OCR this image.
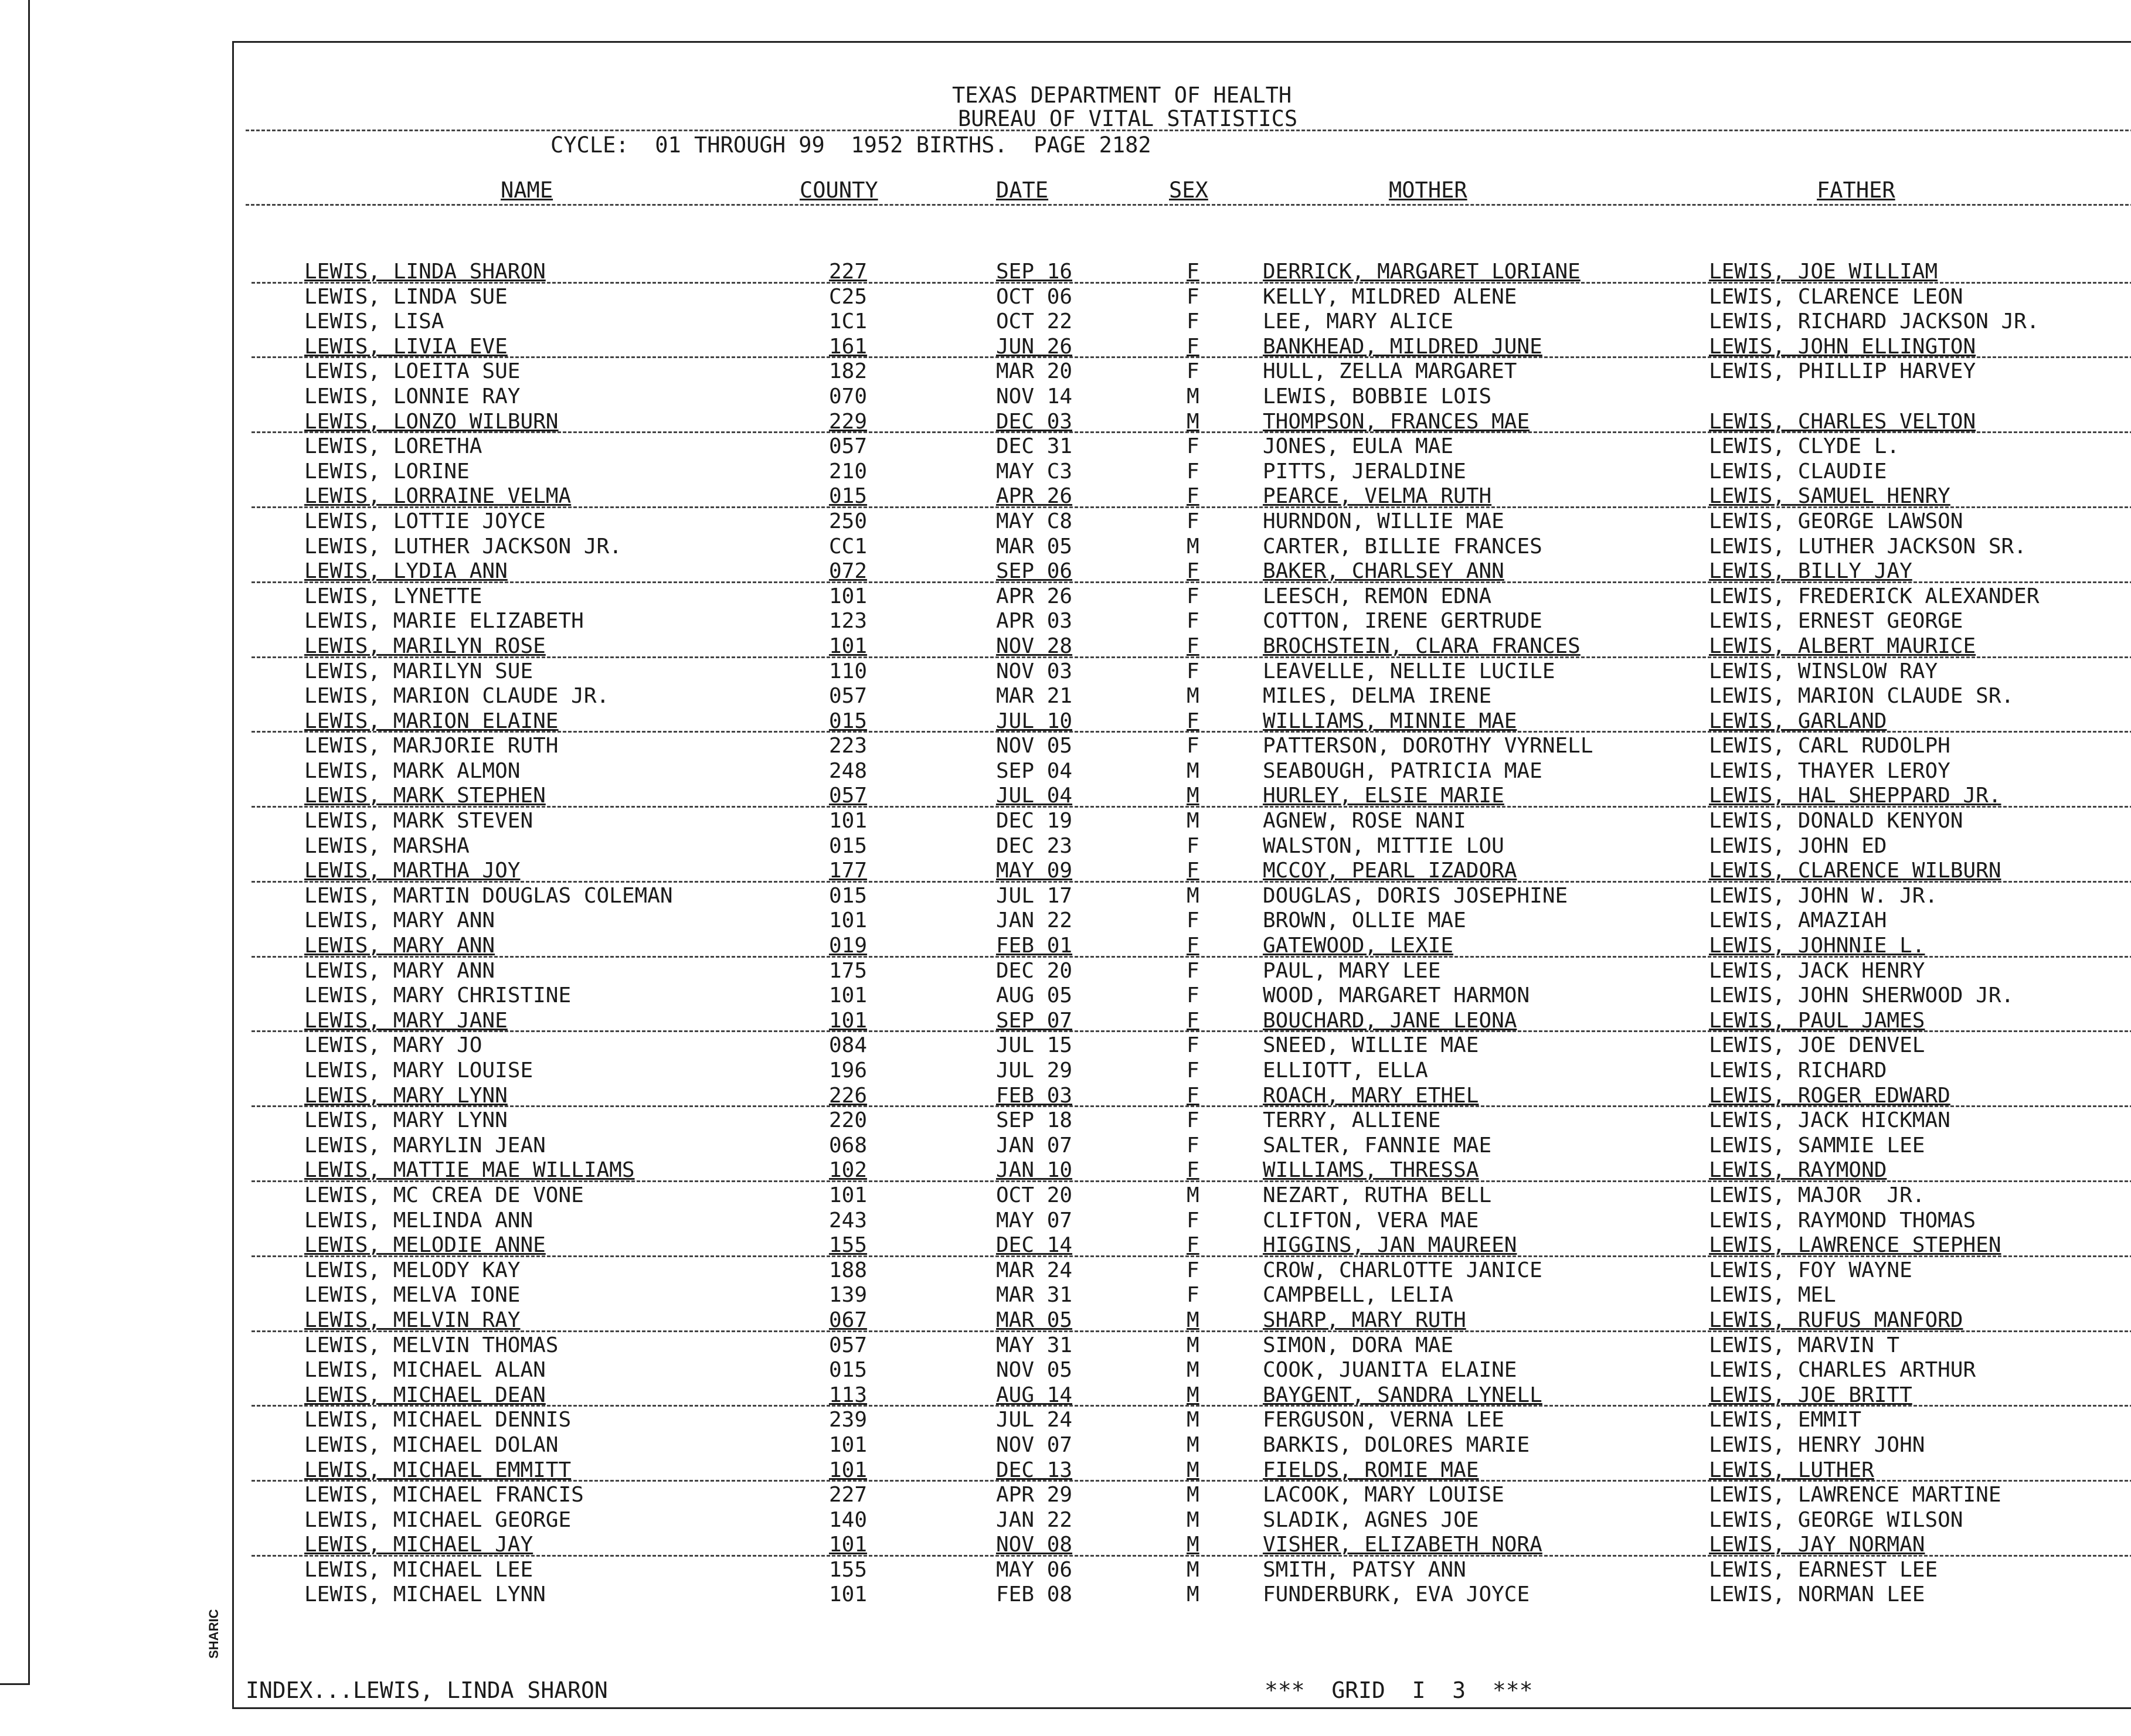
TEXAS DEPARTMENT OF HEALTH
BUREAU OF VITAL STATISTICS
CYCLE:  01 THROUGH 99  1952 BIRTHS.  PAGE 2182
NAME	COUNTY	DATE	SEX	MOTHER	FATHER
LEWIS, LINDA SHARON	227	SEP 16	F	DERRICK, MARGARET LORIANE	LEWIS, JOE WILLIAM
LEWIS, LINDA SUE	C25	OCT 06	F	KELLY, MILDRED ALENE	LEWIS, CLARENCE LEON
LEWIS, LISA	1C1	OCT 22	F	LEE, MARY ALICE	LEWIS, RICHARD JACKSON JR.
LEWIS, LIVIA EVE	161	JUN 26	F	BANKHEAD, MILDRED JUNE	LEWIS, JOHN ELLINGTON
LEWIS, LOEITA SUE	182	MAR 20	F	HULL, ZELLA MARGARET	LEWIS, PHILLIP HARVEY
LEWIS, LONNIE RAY	070	NOV 14	M	LEWIS, BOBBIE LOIS
LEWIS, LONZO WILBURN	229	DEC 03	M	THOMPSON, FRANCES MAE	LEWIS, CHARLES VELTON
LEWIS, LORETHA	057	DEC 31	F	JONES, EULA MAE	LEWIS, CLYDE L.
LEWIS, LORINE	210	MAY C3	F	PITTS, JERALDINE	LEWIS, CLAUDIE
LEWIS, LORRAINE VELMA	015	APR 26	F	PEARCE, VELMA RUTH	LEWIS, SAMUEL HENRY
LEWIS, LOTTIE JOYCE	250	MAY C8	F	HURNDON, WILLIE MAE	LEWIS, GEORGE LAWSON
LEWIS, LUTHER JACKSON JR.	CC1	MAR 05	M	CARTER, BILLIE FRANCES	LEWIS, LUTHER JACKSON SR.
LEWIS, LYDIA ANN	072	SEP 06	F	BAKER, CHARLSEY ANN	LEWIS, BILLY JAY
LEWIS, LYNETTE	101	APR 26	F	LEESCH, REMON EDNA	LEWIS, FREDERICK ALEXANDER
LEWIS, MARIE ELIZABETH	123	APR 03	F	COTTON, IRENE GERTRUDE	LEWIS, ERNEST GEORGE
LEWIS, MARILYN ROSE	101	NOV 28	F	BROCHSTEIN, CLARA FRANCES	LEWIS, ALBERT MAURICE
LEWIS, MARILYN SUE	110	NOV 03	F	LEAVELLE, NELLIE LUCILE	LEWIS, WINSLOW RAY
LEWIS, MARION CLAUDE JR.	057	MAR 21	M	MILES, DELMA IRENE	LEWIS, MARION CLAUDE SR.
LEWIS, MARION ELAINE	015	JUL 10	F	WILLIAMS, MINNIE MAE	LEWIS, GARLAND
LEWIS, MARJORIE RUTH	223	NOV 05	F	PATTERSON, DOROTHY VYRNELL	LEWIS, CARL RUDOLPH
LEWIS, MARK ALMON	248	SEP 04	M	SEABOUGH, PATRICIA MAE	LEWIS, THAYER LEROY
LEWIS, MARK STEPHEN	057	JUL 04	M	HURLEY, ELSIE MARIE	LEWIS, HAL SHEPPARD JR.
LEWIS, MARK STEVEN	101	DEC 19	M	AGNEW, ROSE NANI	LEWIS, DONALD KENYON
LEWIS, MARSHA	015	DEC 23	F	WALSTON, MITTIE LOU	LEWIS, JOHN ED
LEWIS, MARTHA JOY	177	MAY 09	F	MCCOY, PEARL IZADORA	LEWIS, CLARENCE WILBURN
LEWIS, MARTIN DOUGLAS COLEMAN	015	JUL 17	M	DOUGLAS, DORIS JOSEPHINE	LEWIS, JOHN W. JR.
LEWIS, MARY ANN	101	JAN 22	F	BROWN, OLLIE MAE	LEWIS, AMAZIAH
LEWIS, MARY ANN	019	FEB 01	F	GATEWOOD, LEXIE	LEWIS, JOHNNIE L.
LEWIS, MARY ANN	175	DEC 20	F	PAUL, MARY LEE	LEWIS, JACK HENRY
LEWIS, MARY CHRISTINE	101	AUG 05	F	WOOD, MARGARET HARMON	LEWIS, JOHN SHERWOOD JR.
LEWIS, MARY JANE	101	SEP 07	F	BOUCHARD, JANE LEONA	LEWIS, PAUL JAMES
LEWIS, MARY JO	084	JUL 15	F	SNEED, WILLIE MAE	LEWIS, JOE DENVEL
LEWIS, MARY LOUISE	196	JUL 29	F	ELLIOTT, ELLA	LEWIS, RICHARD
LEWIS, MARY LYNN	226	FEB 03	F	ROACH, MARY ETHEL	LEWIS, ROGER EDWARD
LEWIS, MARY LYNN	220	SEP 18	F	TERRY, ALLIENE	LEWIS, JACK HICKMAN
LEWIS, MARYLIN JEAN	068	JAN 07	F	SALTER, FANNIE MAE	LEWIS, SAMMIE LEE
LEWIS, MATTIE MAE WILLIAMS	102	JAN 10	F	WILLIAMS, THRESSA	LEWIS, RAYMOND
LEWIS, MC CREA DE VONE	101	OCT 20	M	NEZART, RUTHA BELL	LEWIS, MAJOR  JR.
LEWIS, MELINDA ANN	243	MAY 07	F	CLIFTON, VERA MAE	LEWIS, RAYMOND THOMAS
LEWIS, MELODIE ANNE	155	DEC 14	F	HIGGINS, JAN MAUREEN	LEWIS, LAWRENCE STEPHEN
LEWIS, MELODY KAY	188	MAR 24	F	CROW, CHARLOTTE JANICE	LEWIS, FOY WAYNE
LEWIS, MELVA IONE	139	MAR 31	F	CAMPBELL, LELIA	LEWIS, MEL
LEWIS, MELVIN RAY	067	MAR 05	M	SHARP, MARY RUTH	LEWIS, RUFUS MANFORD
LEWIS, MELVIN THOMAS	057	MAY 31	M	SIMON, DORA MAE	LEWIS, MARVIN T
LEWIS, MICHAEL ALAN	015	NOV 05	M	COOK, JUANITA ELAINE	LEWIS, CHARLES ARTHUR
LEWIS, MICHAEL DEAN	113	AUG 14	M	BAYGENT, SANDRA LYNELL	LEWIS, JOE BRITT
LEWIS, MICHAEL DENNIS	239	JUL 24	M	FERGUSON, VERNA LEE	LEWIS, EMMIT
LEWIS, MICHAEL DOLAN	101	NOV 07	M	BARKIS, DOLORES MARIE	LEWIS, HENRY JOHN
LEWIS, MICHAEL EMMITT	101	DEC 13	M	FIELDS, ROMIE MAE	LEWIS, LUTHER
LEWIS, MICHAEL FRANCIS	227	APR 29	M	LACOOK, MARY LOUISE	LEWIS, LAWRENCE MARTINE
LEWIS, MICHAEL GEORGE	140	JAN 22	M	SLADIK, AGNES JOE	LEWIS, GEORGE WILSON
LEWIS, MICHAEL JAY	101	NOV 08	M	VISHER, ELIZABETH NORA	LEWIS, JAY NORMAN
LEWIS, MICHAEL LEE	155	MAY 06	M	SMITH, PATSY ANN	LEWIS, EARNEST LEE
LEWIS, MICHAEL LYNN	101	FEB 08	M	FUNDERBURK, EVA JOYCE	LEWIS, NORMAN LEE
INDEX...LEWIS, LINDA SHARON	***  GRID  I  3  ***
SHARIC
